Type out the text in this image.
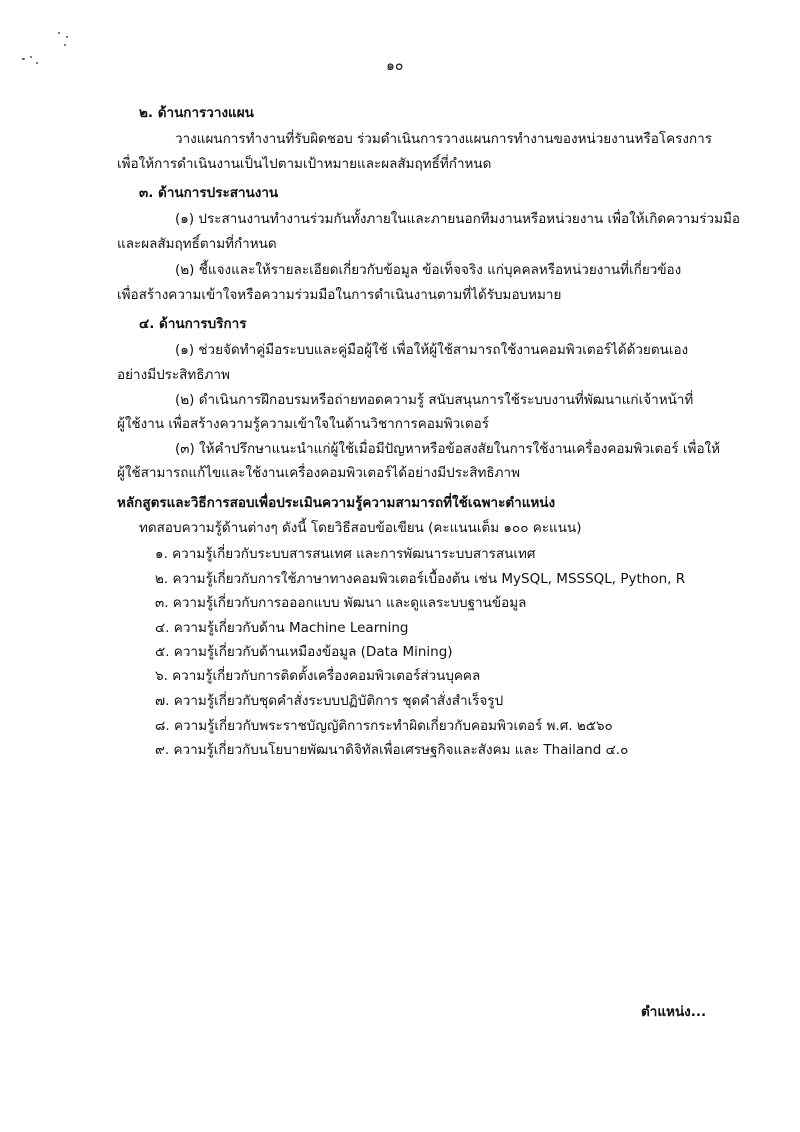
๑๐
๒. ด้านการวางแผน
วางแผนการทำงานที่รับผิดชอบ ร่วมดำเนินการวางแผนการทำงานของหน่วยงานหรือโครงการ
เพื่อให้การดำเนินงานเป็นไปตามเป้าหมายและผลสัมฤทธิ์ที่กำหนด
๓. ด้านการประสานงาน
(๑) ประสานงานทำงานร่วมกันทั้งภายในและภายนอกทีมงานหรือหน่วยงาน เพื่อให้เกิดความร่วมมือ
และผลสัมฤทธิ์ตามที่กำหนด
(๒) ชี้แจงและให้รายละเอียดเกี่ยวกับข้อมูล ข้อเท็จจริง แก่บุคคลหรือหน่วยงานที่เกี่ยวข้อง
เพื่อสร้างความเข้าใจหรือความร่วมมือในการดำเนินงานตามที่ได้รับมอบหมาย
๔. ด้านการบริการ
(๑) ช่วยจัดทำคู่มือระบบและคู่มือผู้ใช้ เพื่อให้ผู้ใช้สามารถใช้งานคอมพิวเตอร์ได้ด้วยตนเอง
อย่างมีประสิทธิภาพ
(๒) ดำเนินการฝึกอบรมหรือถ่ายทอดความรู้ สนับสนุนการใช้ระบบงานที่พัฒนาแก่เจ้าหน้าที่
ผู้ใช้งาน เพื่อสร้างความรู้ความเข้าใจในด้านวิชาการคอมพิวเตอร์
(๓) ให้คำปรึกษาแนะนำแก่ผู้ใช้เมื่อมีปัญหาหรือข้อสงสัยในการใช้งานเครื่องคอมพิวเตอร์ เพื่อให้
ผู้ใช้สามารถแก้ไขและใช้งานเครื่องคอมพิวเตอร์ได้อย่างมีประสิทธิภาพ
หลักสูตรและวิธีการสอบเพื่อประเมินความรู้ความสามารถที่ใช้เฉพาะตำแหน่ง
ทดสอบความรู้ด้านต่างๆ ดังนี้ โดยวิธีสอบข้อเขียน (คะแนนเต็ม ๑๐๐ คะแนน)
๑. ความรู้เกี่ยวกับระบบสารสนเทศ และการพัฒนาระบบสารสนเทศ
๒. ความรู้เกี่ยวกับการใช้ภาษาทางคอมพิวเตอร์เบื้องต้น เช่น MySQL, MSSSQL, Python, R
๓. ความรู้เกี่ยวกับการอออกแบบ พัฒนา และดูแลระบบฐานข้อมูล
๔. ความรู้เกี่ยวกับด้าน Machine Learning
๕. ความรู้เกี่ยวกับด้านเหมืองข้อมูล (Data Mining)
๖. ความรู้เกี่ยวกับการติดตั้งเครื่องคอมพิวเตอร์ส่วนบุคคล
๗. ความรู้เกี่ยวกับชุดคำสั่งระบบปฏิบัติการ ชุดคำสั่งสำเร็จรูป
๘. ความรู้เกี่ยวกับพระราชบัญญัติการกระทำผิดเกี่ยวกับคอมพิวเตอร์ พ.ศ. ๒๕๖๐
๙. ความรู้เกี่ยวกับนโยบายพัฒนาดิจิทัลเพื่อเศรษฐกิจและสังคม และ Thailand ๔.๐
ตำแหน่ง...
